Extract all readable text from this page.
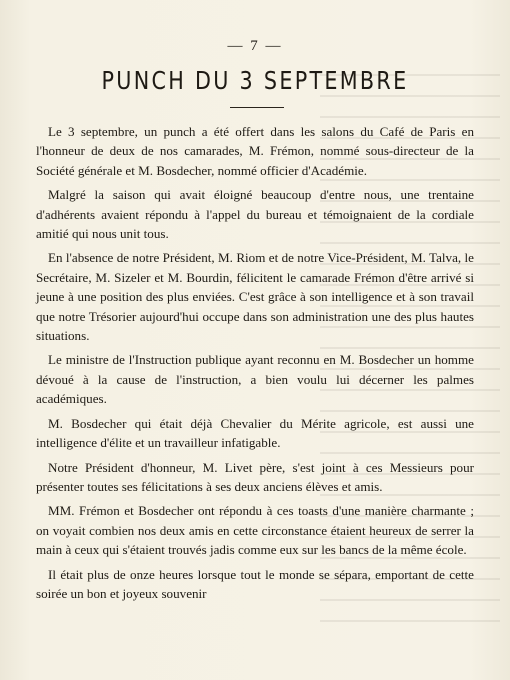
— 7 —
PUNCH DU 3 SEPTEMBRE

Le 3 septembre, un punch a été offert dans les salons du Café de Paris en l'honneur de deux de nos camarades, M. Frémon, nommé sous-directeur de la Société générale et M. Bosdecher, nommé officier d'Académie.

Malgré la saison qui avait éloigné beaucoup d'entre nous, une trentaine d'adhérents avaient répondu à l'appel du bureau et témoignaient de la cordiale amitié qui nous unit tous.

En l'absence de notre Président, M. Riom et de notre Vice-Président, M. Talva, le Secrétaire, M. Sizeler et M. Bourdin, félicitent le camarade Frémon d'être arrivé si jeune à une position des plus enviées. C'est grâce à son intelligence et à son travail que notre Trésorier aujourd'hui occupe dans son administration une des plus hautes situations.

Le ministre de l'Instruction publique ayant reconnu en M. Bosdecher un homme dévoué à la cause de l'instruction, a bien voulu lui décerner les palmes académiques.

M. Bosdecher qui était déjà Chevalier du Mérite agricole, est aussi une intelligence d'élite et un travailleur infatigable.

Notre Président d'honneur, M. Livet père, s'est joint à ces Messieurs pour présenter toutes ses félicitations à ses deux anciens élèves et amis.

MM. Frémon et Bosdecher ont répondu à ces toasts d'une manière charmante ; on voyait combien nos deux amis en cette circonstance étaient heureux de serrer la main à ceux qui s'étaient trouvés jadis comme eux sur les bancs de la même école.

Il était plus de onze heures lorsque tout le monde se sépara, emportant de cette soirée un bon et joyeux souvenir
